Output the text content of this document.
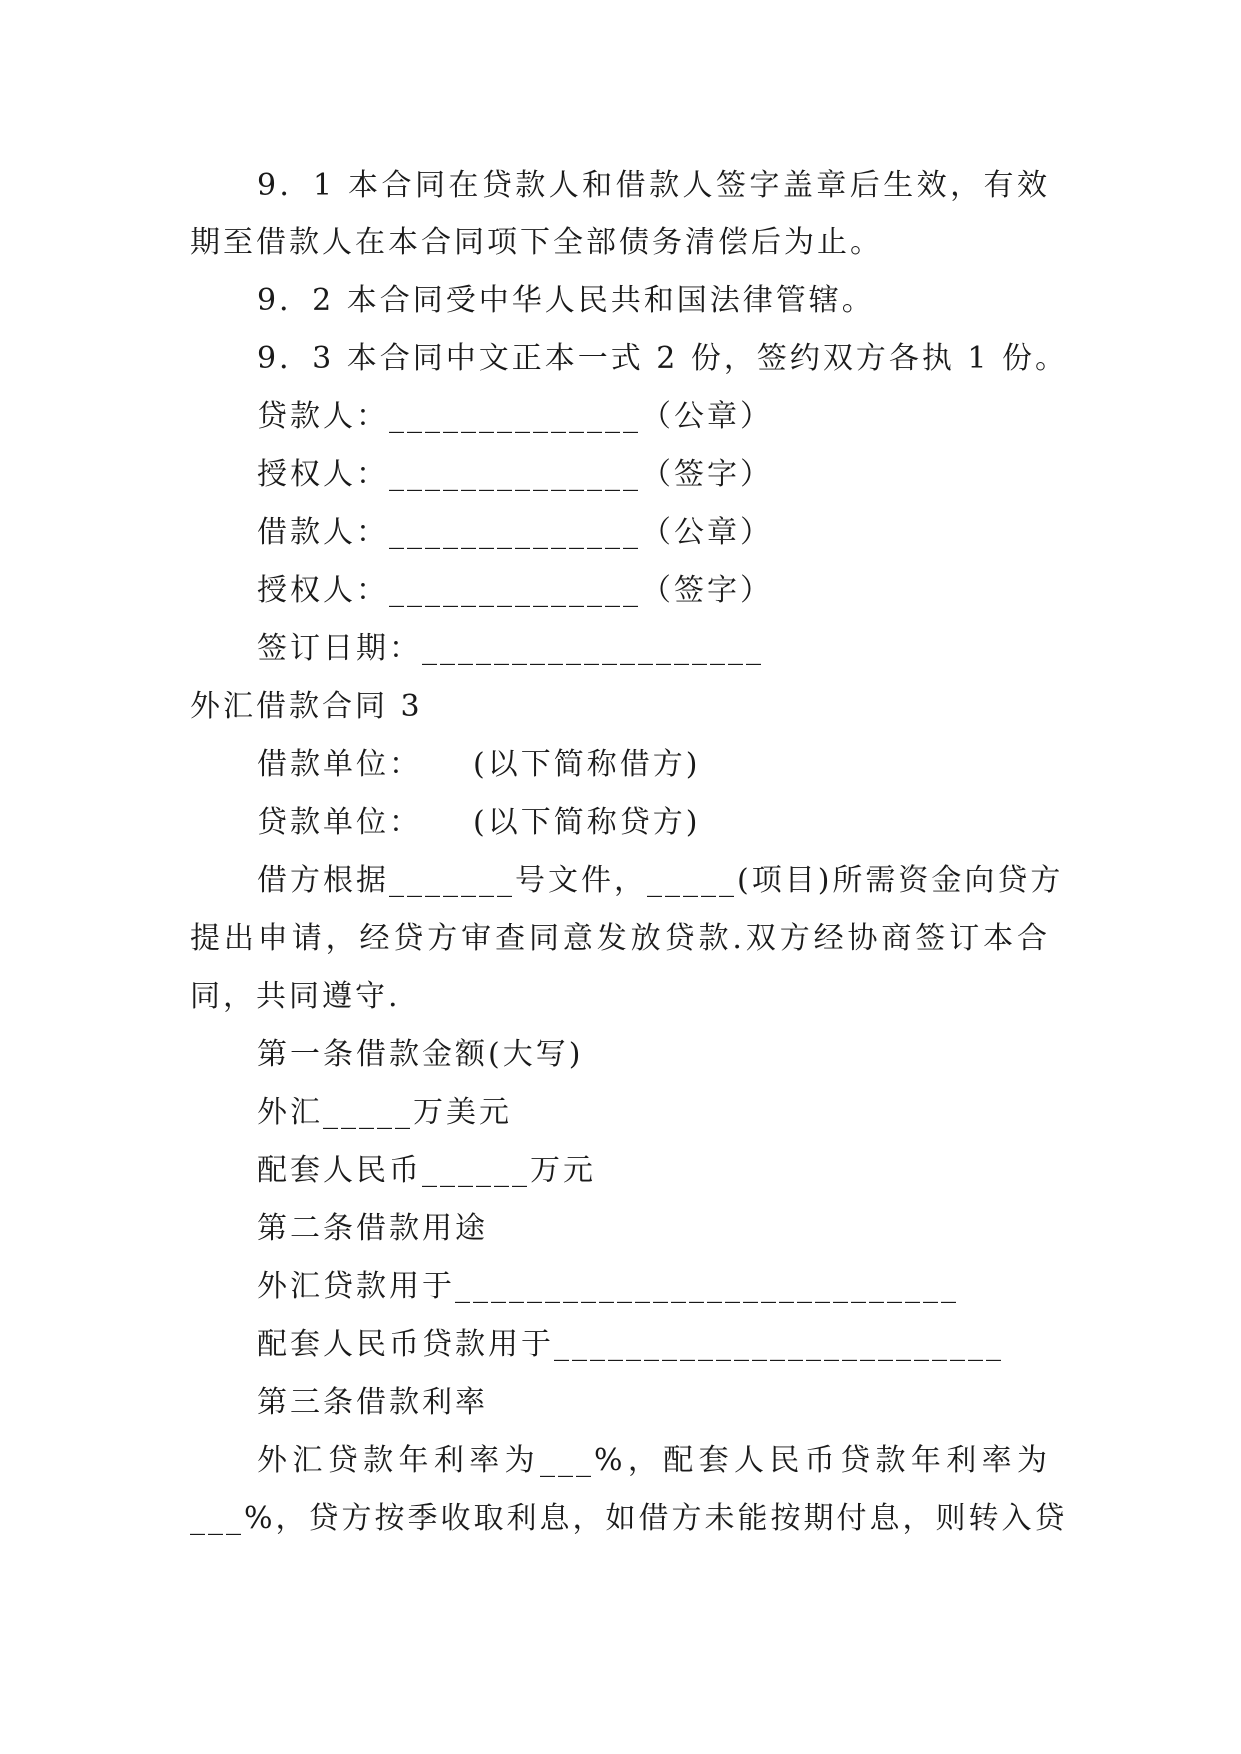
9．1 本合同在贷款人和借款人签字盖章后生效，有效
期至借款人在本合同项下全部债务清偿后为止。
9．2 本合同受中华人民共和国法律管辖。
9．3 本合同中文正本一式 2 份，签约双方各执 1 份。
贷款人：______________（公章）
授权人：______________（签字）
借款人：______________（公章）
授权人：______________（签字）
签订日期：___________________
外汇借款合同 3
借款单位：　　(以下简称借方)
贷款单位：　　(以下简称贷方)
借方根据_______号文件，_____(项目)所需资金向贷方
提出申请，经贷方审查同意发放贷款.双方经协商签订本合
同，共同遵守.
第一条借款金额(大写)
外汇_____万美元
配套人民币______万元
第二条借款用途
外汇贷款用于____________________________
配套人民币贷款用于_________________________
第三条借款利率
外汇贷款年利率为___%，配套人民币贷款年利率为
___%，贷方按季收取利息，如借方未能按期付息，则转入贷
